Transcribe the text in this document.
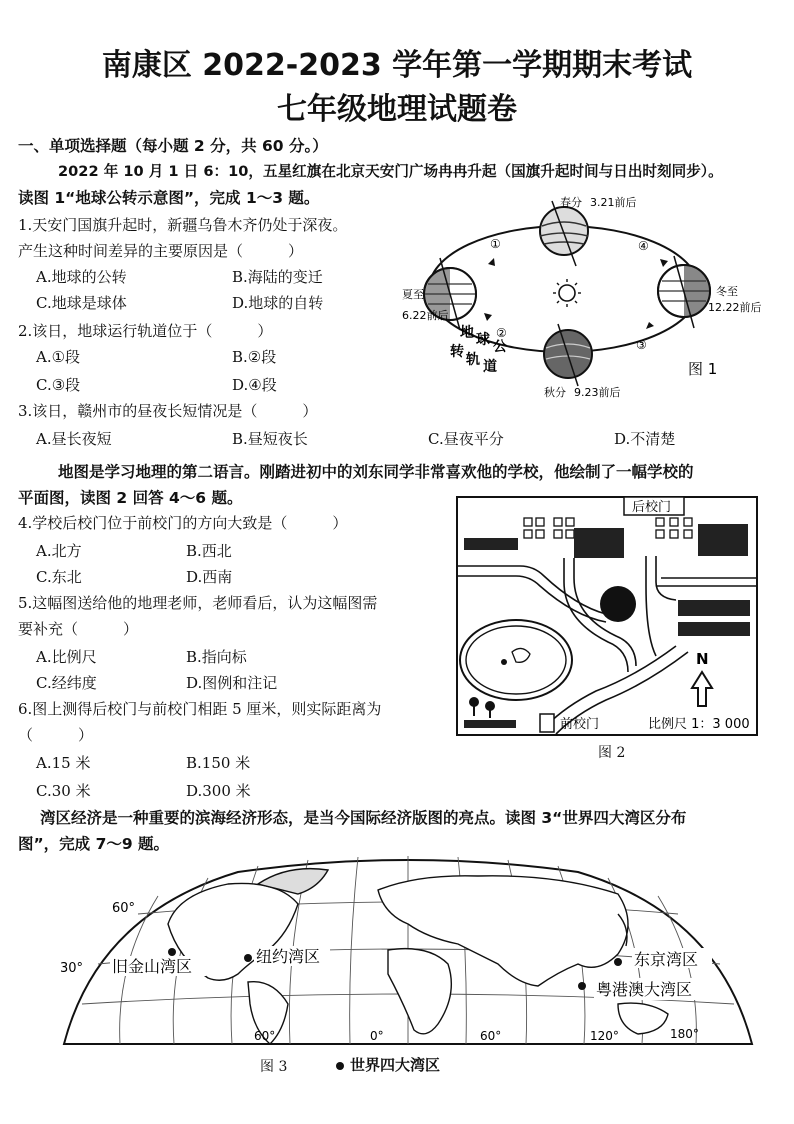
南康区 2022-2023 学年第一学期期末考试
七年级地理试题卷
一、单项选择题（每小题 2 分，共 60 分。）
2022 年 10 月 1 日 6：10，五星红旗在北京天安门广场冉冉升起（国旗升起时间与日出时刻同步）。
读图 1“地球公转示意图”，完成 1～3 题。
1.天安门国旗升起时，新疆乌鲁木齐仍处于深夜。
产生这种时间差异的主要原因是（　　　）
A.地球的公转	B.海陆的变迁
C.地球是球体	D.地球的自转
2.该日，地球运行轨道位于（　　　）
A.①段	B.②段
C.③段	D.④段
3.该日，赣州市的昼夜长短情况是（　　　）
A.昼长夜短	B.昼短夜长	C.昼夜平分	D.不清楚
春分 3.21前后
夏至
6.22前后
冬至
12.22前后
秋分 9.23前后
①
②
③
④
地 球 公
转 轨 道	图 1
地图是学习地理的第二语言。刚踏进初中的刘东同学非常喜欢他的学校，他绘制了一幅学校的
平面图，读图 2 回答 4～6 题。
4.学校后校门位于前校门的方向大致是（　　　）
A.北方	B.西北
C.东北	D.西南
5.这幅图送给他的地理老师，老师看后，认为这幅图需
要补充（　　　）
A.比例尺	B.指向标
C.经纬度	D.图例和注记
6.图上测得后校门与前校门相距 5 厘米，则实际距离为
（　　　）
A.15 米	B.150 米
C.30 米	D.300 米
后校门
前校门
N
比例尺 1：3 000
图 2
湾区经济是一种重要的滨海经济形态，是当今国际经济版图的亮点。读图 3“世界四大湾区分布
图”，完成 7～9 题。
60°
30°
60°	0°	60°	120°	180°
旧金山湾区
纽约湾区	东京湾区
粤港澳大湾区
图 3	世界四大湾区
